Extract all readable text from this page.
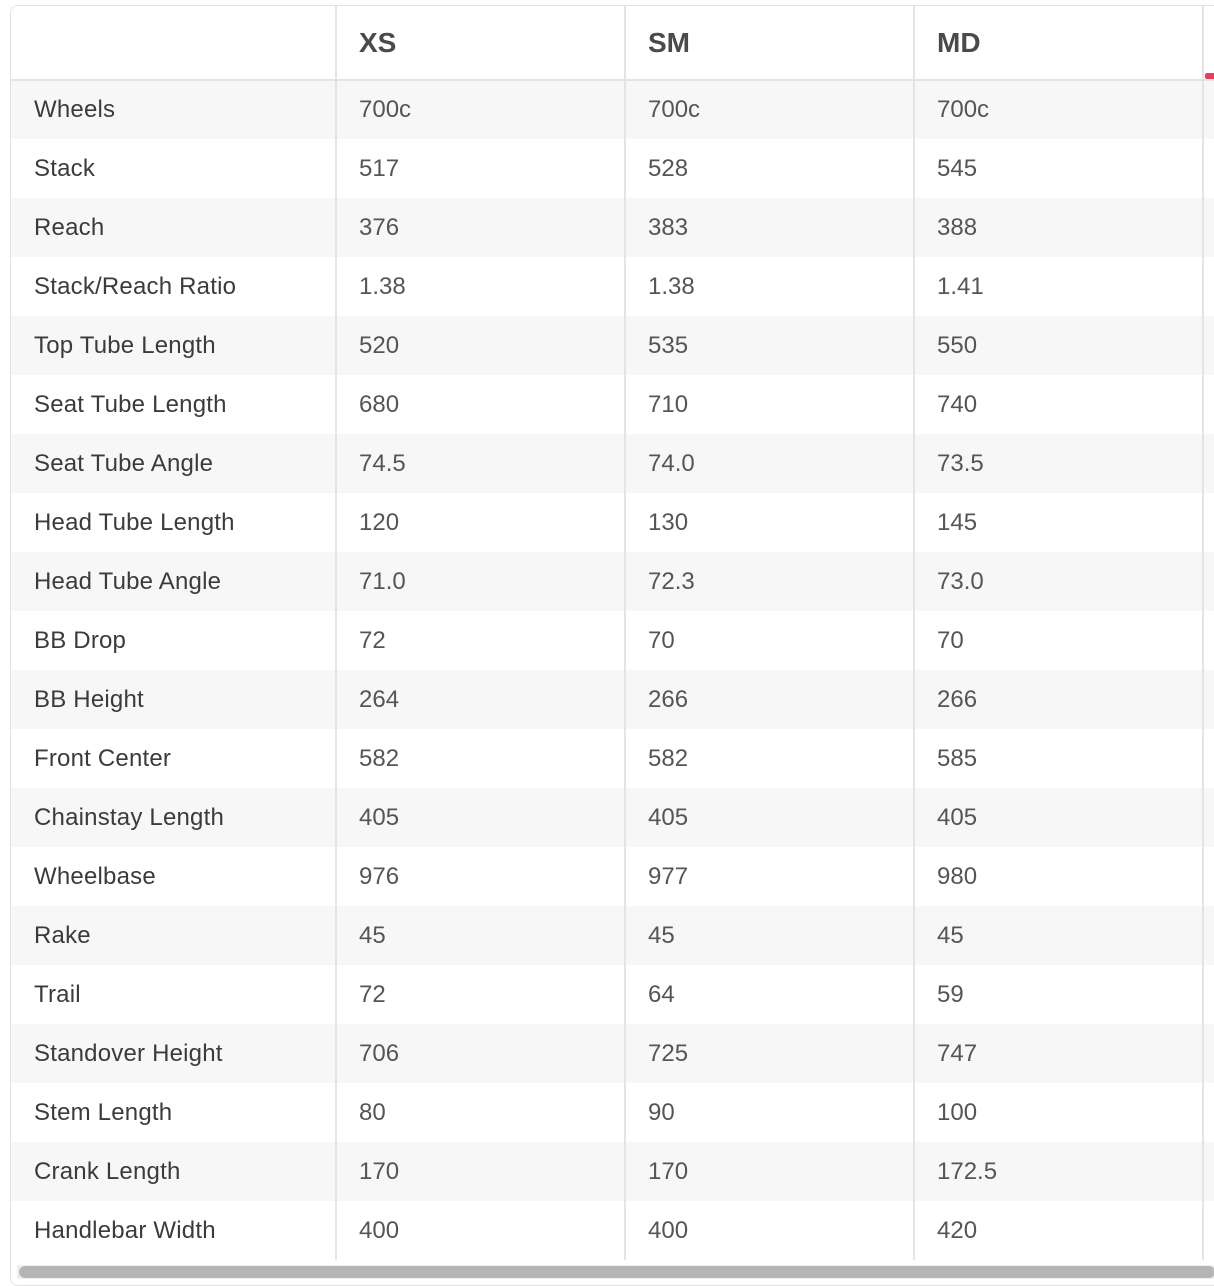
	XS	SM	MD	
Wheels	700c	700c	700c	
Stack	517	528	545	
Reach	376	383	388	
Stack/Reach Ratio	1.38	1.38	1.41	
Top Tube Length	520	535	550	
Seat Tube Length	680	710	740	
Seat Tube Angle	74.5	74.0	73.5	
Head Tube Length	120	130	145	
Head Tube Angle	71.0	72.3	73.0	
BB Drop	72	70	70	
BB Height	264	266	266	
Front Center	582	582	585	
Chainstay Length	405	405	405	
Wheelbase	976	977	980	
Rake	45	45	45	
Trail	72	64	59	
Standover Height	706	725	747	
Stem Length	80	90	100	
Crank Length	170	170	172.5	
Handlebar Width	400	400	420	
